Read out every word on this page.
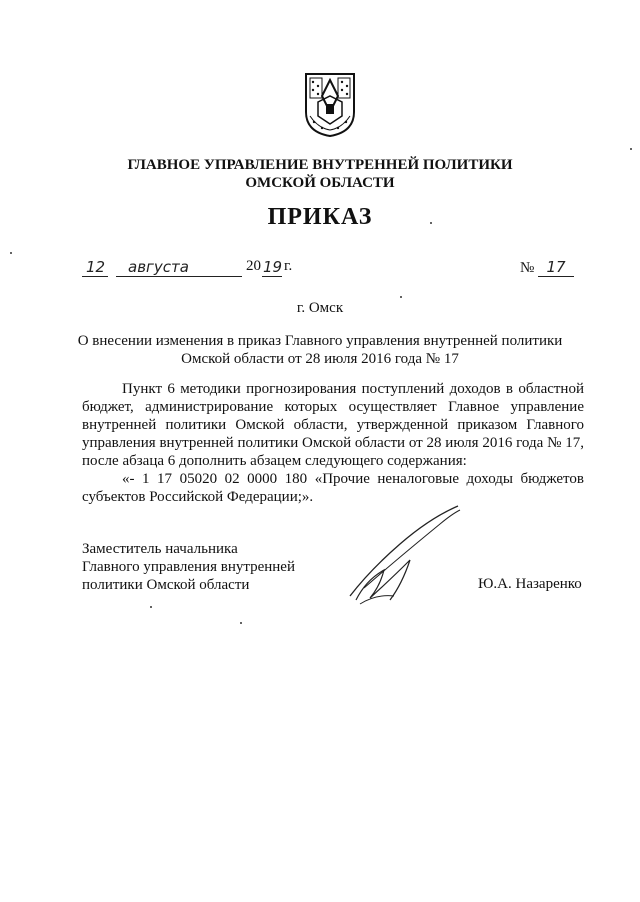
ГЛАВНОЕ УПРАВЛЕНИЕ ВНУТРЕННЕЙ ПОЛИТИКИ
ОМСКОЙ ОБЛАСТИ
ПРИКАЗ
12 августа	20 19 г.	№ 17
г. Омск
О внесении изменения в приказ Главного управления внутренней политики
Омской области от 28 июля 2016 года № 17

Пункт 6 методики прогнозирования поступлений доходов в областной бюджет, администрирование которых осуществляет Главное управление внутренней политики Омской области, утвержденной приказом Главного управления внутренней политики Омской области от 28 июля 2016 года № 17, после абзаца 6 дополнить абзацем следующего содержания:

«- 1 17 05020 02 0000 180 «Прочие неналоговые доходы бюджетов субъектов Российской Федерации;».

Заместитель начальника
Главного управления внутренней
политики Омской области	Ю.А. Назаренко
